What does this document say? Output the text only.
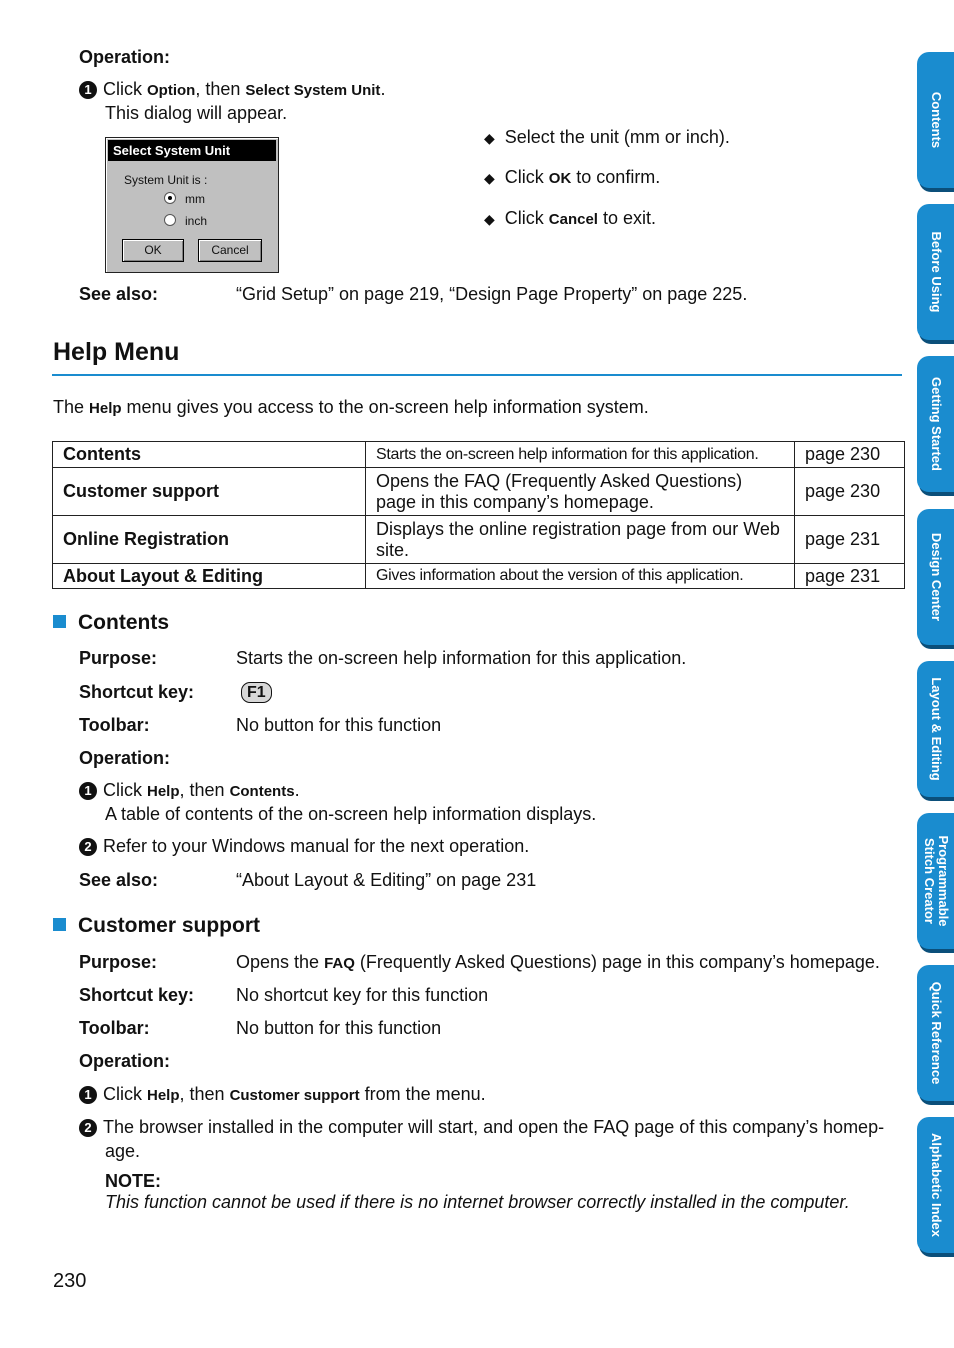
Operation:
1 Click Option, then Select System Unit.
This dialog will appear.
Select System Unit
System Unit is :
mm
inch
OK	Cancel
◆ Select the unit (mm or inch).
◆ Click OK to confirm.
◆ Click Cancel to exit.
See also:	“Grid Setup” on page 219, “Design Page Property” on page 225.
Help Menu
The Help menu gives you access to the on-screen help information system.
Contents	Starts the on-screen help information for this application.	page 230
Customer support	Opens the FAQ (Frequently Asked Questions) page in this company’s homepage.	page 230
Online Registration	Displays the online registration page from our Web site.	page 231
About Layout & Editing	Gives information about the version of this application.	page 231
Contents
Purpose:	Starts the on-screen help information for this application.
Shortcut key:	F1
Toolbar:	No button for this function
Operation:
1 Click Help, then Contents.
A table of contents of the on-screen help information displays.
2 Refer to your Windows manual for the next operation.
See also:	“About Layout & Editing” on page 231
Customer support
Purpose:	Opens the FAQ (Frequently Asked Questions) page in this company’s homepage.
Shortcut key: No shortcut key for this function
Toolbar:	No button for this function
Operation:
1 Click Help, then Customer support from the menu.
2 The browser installed in the computer will start, and open the FAQ page of this company’s homep-
age.
NOTE:
This function cannot be used if there is no internet browser correctly installed in the computer.
230
Contents
Before Using
Getting Started
Design Center
Layout & Editing
Programmable Stitch Creator
Quick Reference
Alphabetic Index
